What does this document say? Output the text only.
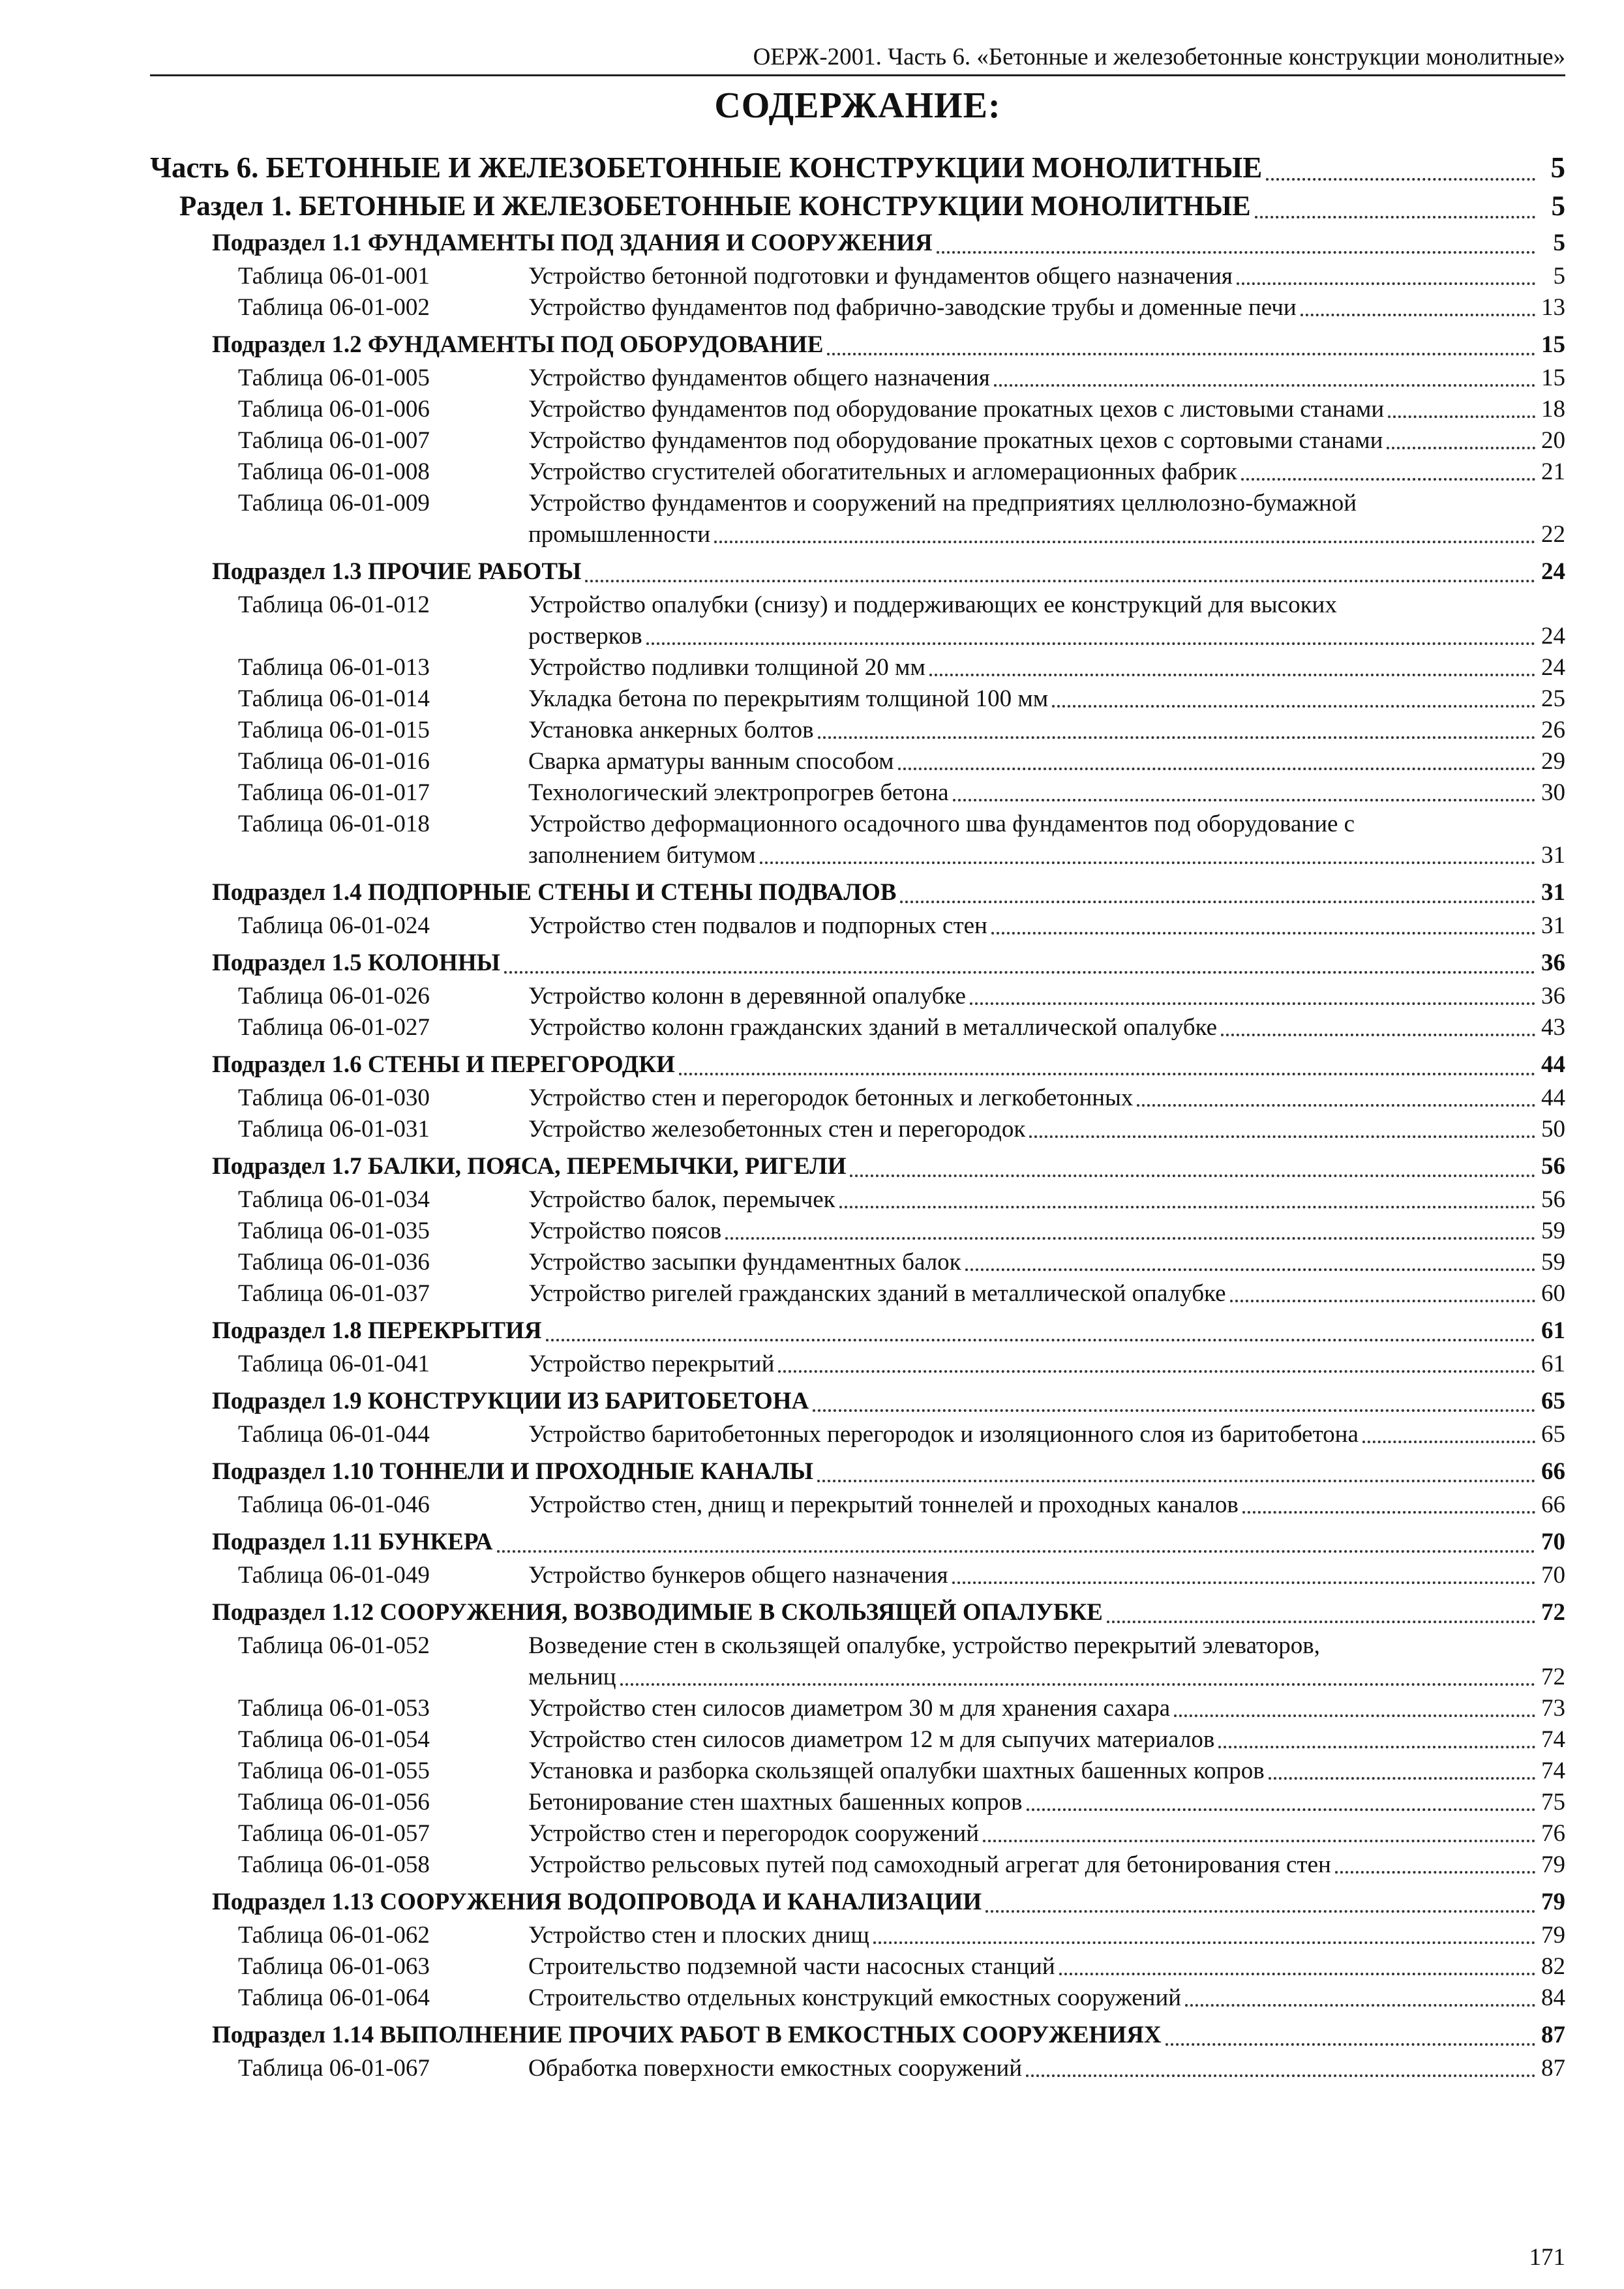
ОЕРЖ-2001. Часть 6. «Бетонные и железобетонные конструкции монолитные»
СОДЕРЖАНИЕ:
Часть 6. БЕТОННЫЕ И ЖЕЛЕЗОБЕТОННЫЕ КОНСТРУКЦИИ МОНОЛИТНЫЕ	5
Раздел 1. БЕТОННЫЕ И ЖЕЛЕЗОБЕТОННЫЕ КОНСТРУКЦИИ МОНОЛИТНЫЕ	5
Подраздел 1.1 ФУНДАМЕНТЫ ПОД ЗДАНИЯ И СООРУЖЕНИЯ	5
Таблица 06-01-001	Устройство бетонной подготовки и фундаментов общего назначения	5
Таблица 06-01-002	Устройство фундаментов под фабрично-заводские трубы и доменные печи	13
Подраздел 1.2 ФУНДАМЕНТЫ ПОД ОБОРУДОВАНИЕ	15
Таблица 06-01-005	Устройство фундаментов общего назначения	15
Таблица 06-01-006	Устройство фундаментов под оборудование прокатных цехов с листовыми станами	18
Таблица 06-01-007	Устройство фундаментов под оборудование прокатных цехов с сортовыми станами	20
Таблица 06-01-008	Устройство сгустителей обогатительных и агломерационных фабрик	21
Таблица 06-01-009	Устройство фундаментов и сооружений на предприятиях целлюлозно-бумажной
промышленности	22
Подраздел 1.3 ПРОЧИЕ РАБОТЫ	24
Таблица 06-01-012	Устройство опалубки (снизу) и поддерживающих ее конструкций для высоких
ростверков	24
Таблица 06-01-013	Устройство подливки толщиной 20 мм	24
Таблица 06-01-014	Укладка бетона по перекрытиям толщиной 100 мм	25
Таблица 06-01-015	Установка анкерных болтов	26
Таблица 06-01-016	Сварка арматуры ванным способом	29
Таблица 06-01-017	Технологический электропрогрев бетона	30
Таблица 06-01-018	Устройство деформационного осадочного шва фундаментов под оборудование с
заполнением битумом	31
Подраздел 1.4 ПОДПОРНЫЕ СТЕНЫ И СТЕНЫ ПОДВАЛОВ	31
Таблица 06-01-024	Устройство стен подвалов и подпорных стен	31
Подраздел 1.5 КОЛОННЫ	36
Таблица 06-01-026	Устройство колонн в деревянной опалубке	36
Таблица 06-01-027	Устройство колонн гражданских зданий в металлической опалубке	43
Подраздел 1.6 СТЕНЫ И ПЕРЕГОРОДКИ	44
Таблица 06-01-030	Устройство стен и перегородок бетонных и легкобетонных	44
Таблица 06-01-031	Устройство железобетонных стен и перегородок	50
Подраздел 1.7 БАЛКИ, ПОЯСА, ПЕРЕМЫЧКИ, РИГЕЛИ	56
Таблица 06-01-034	Устройство балок, перемычек	56
Таблица 06-01-035	Устройство поясов	59
Таблица 06-01-036	Устройство засыпки фундаментных балок	59
Таблица 06-01-037	Устройство ригелей гражданских зданий в металлической опалубке	60
Подраздел 1.8 ПЕРЕКРЫТИЯ	61
Таблица 06-01-041	Устройство перекрытий	61
Подраздел 1.9 КОНСТРУКЦИИ ИЗ БАРИТОБЕТОНА	65
Таблица 06-01-044	Устройство баритобетонных перегородок и изоляционного слоя из баритобетона	65
Подраздел 1.10 ТОННЕЛИ И ПРОХОДНЫЕ КАНАЛЫ	66
Таблица 06-01-046	Устройство стен, днищ и перекрытий тоннелей и проходных каналов	66
Подраздел 1.11 БУНКЕРА	70
Таблица 06-01-049	Устройство бункеров общего назначения	70
Подраздел 1.12 СООРУЖЕНИЯ, ВОЗВОДИМЫЕ В СКОЛЬЗЯЩЕЙ ОПАЛУБКЕ	72
Таблица 06-01-052	Возведение стен в скользящей опалубке, устройство перекрытий элеваторов,
мельниц	72
Таблица 06-01-053	Устройство стен силосов диаметром 30 м для хранения сахара	73
Таблица 06-01-054	Устройство стен силосов диаметром 12 м для сыпучих материалов	74
Таблица 06-01-055	Установка и разборка скользящей опалубки шахтных башенных копров	74
Таблица 06-01-056	Бетонирование стен шахтных башенных копров	75
Таблица 06-01-057	Устройство стен и перегородок сооружений	76
Таблица 06-01-058	Устройство рельсовых путей под самоходный агрегат для бетонирования стен	79
Подраздел 1.13 СООРУЖЕНИЯ ВОДОПРОВОДА И КАНАЛИЗАЦИИ	79
Таблица 06-01-062	Устройство стен и плоских днищ	79
Таблица 06-01-063	Строительство подземной части насосных станций	82
Таблица 06-01-064	Строительство отдельных конструкций емкостных сооружений	84
Подраздел 1.14 ВЫПОЛНЕНИЕ ПРОЧИХ РАБОТ В ЕМКОСТНЫХ СООРУЖЕНИЯХ	87
Таблица 06-01-067	Обработка поверхности емкостных сооружений	87
171
